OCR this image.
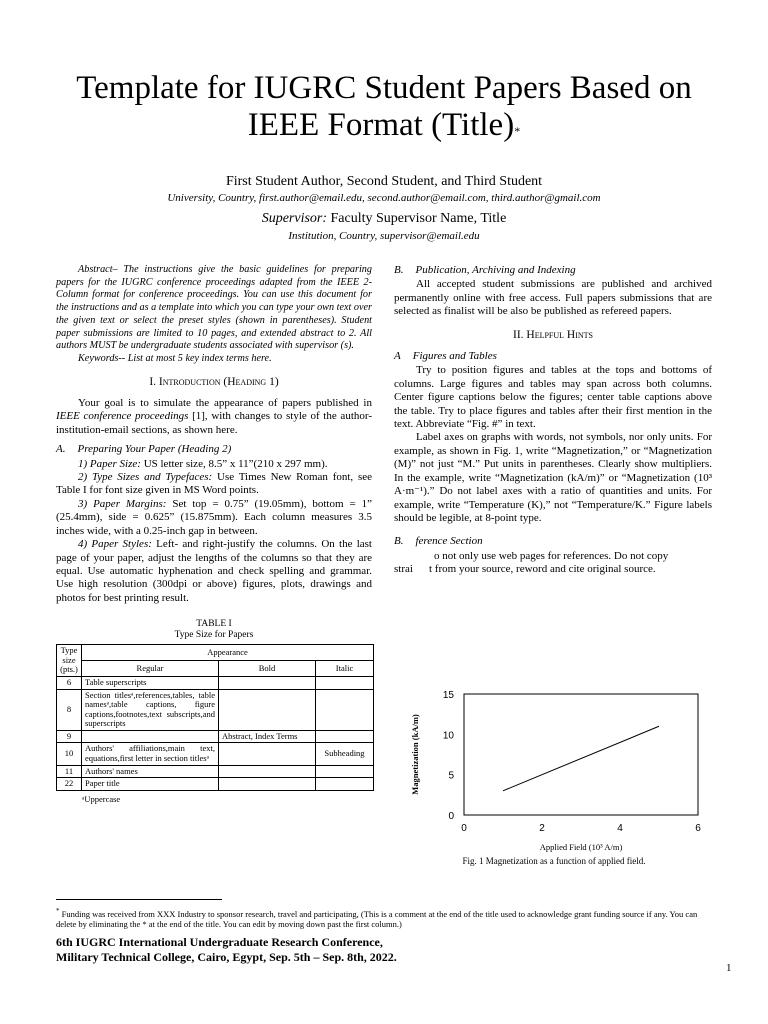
Template for IUGRC Student Papers Based on IEEE Format (Title)*
First Student Author, Second Student, and Third Student
University, Country, first.author@email.edu, second.author@email.com, third.author@gmail.com
Supervisor: Faculty Supervisor Name, Title
Institution, Country, supervisor@email.edu

Abstract– The instructions give the basic guidelines for preparing papers for the IUGRC conference proceedings adapted from the IEEE 2-Column format for conference proceedings. You can use this document for the instructions and as a template into which you can type your own text over the given text or select the preset styles (shown in parentheses). Student paper submissions are limited to 10 pages, and extended abstract to 2. All authors MUST be undergraduate students associated with supervisor (s).

Keywords-- List at most 5 key index terms here.

I. Introduction (Heading 1)

Your goal is to simulate the appearance of papers published in IEEE conference proceedings [1], with changes to style of the author-institution-email sections, as shown here.

A. Preparing Your Paper (Heading 2)

1) Paper Size: US letter size, 8.5” x 11”(210 x 297 mm).

2) Type Sizes and Typefaces: Use Times New Roman font, see Table I for font size given in MS Word points.

3) Paper Margins: Set top = 0.75” (19.05mm), bottom = 1” (25.4mm), side = 0.625” (15.875mm). Each column measures 3.5 inches wide, with a 0.25-inch gap in between.

4) Paper Styles: Left- and right-justify the columns. On the last page of your paper, adjust the lengths of the columns so that they are equal. Use automatic hyphenation and check spelling and grammar. Use high resolution (300dpi or above) figures, plots, drawings and photos for best printing result.

TABLE I
Type Size for Papers
Type size (pts.)	Appearance		
	Regular	Bold	Italic
6	Table superscripts		
8	Section titlesᵃ,references,tables, table namesᵃ,table captions, figure captions,footnotes,text subscripts,and superscripts		
9		Abstract, Index Terms	
10	Authors' affiliations,main text, equations,first letter in section titlesᵃ		Subheading
11	Authors' names		
22	Paper title		
ᵃUppercase
B. Publication, Archiving and Indexing

All accepted student submissions are published and archived permanently online with free access. Full papers submissions that are selected as finalist will be also be published as refereed papers.

II. Helpful Hints
A Figures and Tables

Try to position figures and tables at the tops and bottoms of columns. Large figures and tables may span across both columns. Center figure captions below the figures; center table captions above the table. Try to place figures and tables after their first mention in the text. Abbreviate “Fig. #” in text.

Label axes on graphs with words, not symbols, nor only units. For example, as shown in Fig. 1, write “Magnetization,” or “Magnetization (M)” not just “M.” Put units in parentheses. Clearly show multipliers. In the example, write “Magnetization (kA/m)” or “Magnetization (10³ A·m⁻¹).” Do not label axes with a ratio of quantities and units. For example, write “Temperature (K),” not “Temperature/K.” Figure labels should be legible, at 8-point type.

B. ference Section

o not only use web pages for references. Do not copy

strai t from your source, reword and cite original source.

0
5
10
15
0	2	4	6
Applied Field (10³ A/m)
Magnetization (kA/m)
Fig. 1 Magnetization as a function of applied field.
* Funding was received from XXX Industry to sponsor research, travel and participating, (This is a comment at the end of the title used to acknowledge grant funding source if any. You can delete by eliminating the * at the end of the title. You can edit by moving down past the first column.)
6th IUGRC International Undergraduate Research Conference,
Military Technical College, Cairo, Egypt, Sep. 5th – Sep. 8th, 2022.
1
